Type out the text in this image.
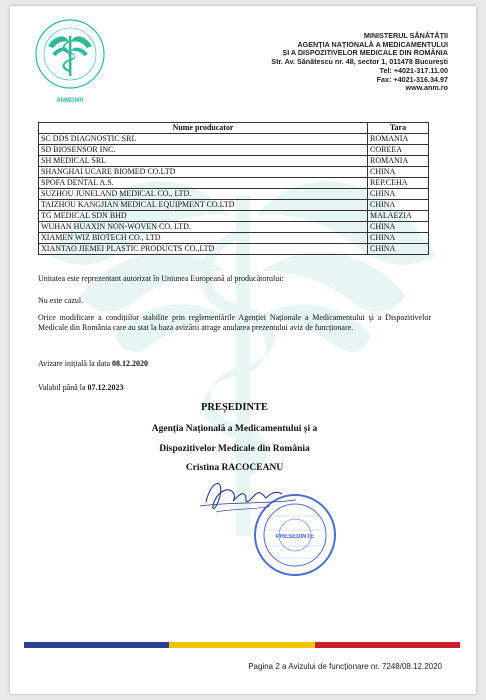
ANMDMR
MINISTERUL SĂNĂTĂȚII
AGENȚIA NAȚIONALĂ A MEDICAMENTULUI
ȘI A DISPOZITIVELOR MEDICALE DIN ROMÂNIA
Str. Av. Sănătescu nr. 48, sector 1, 011478 București
Tel: +4021-317.11.00
Fax: +4021-316.34.97
www.anm.ro
Nume producator	Tara
SC DDS DIAGNOSTIC SRL	ROMANIA
SD BIOSENSOR INC.	COREEA
SH MEDICAL SRL	ROMANIA
SHANGHAI UCARE BIOMED CO.LTD	CHINA
SPOFA DENTAL A.S.	REP.CEHA
SUZHOU JUNELAND MEDICAL CO., LTD.	CHINA
TAIZHOU KANGJIAN MEDICAL EQUIPMENT CO.LTD	CHINA
TG MEDICAL SDN BHD	MALAEZIA
WUHAN HUAXIN NON-WOVEN CO. LTD.	CHINA
XIAMEN WIZ BIOTECH CO., LTD	CHINA
XIANTAO JIEMEI PLASTIC PRODUCTS CO.,LTD	CHINA
Unitatea este reprezentant autorizat în Uniunea Europeană al producătorului:
Nu este cazul.
Orice modificare a condițiilor stabilite prin reglementările Agenției Naționale a Medicamentului și a Dispozitivelor Medicale din România care au stat la baza avizării atrage anularea prezentului aviz de funcționare.
Avizare inițială la data 08.12.2020
Valabil până la 07.12.2023
PREȘEDINTE
Agenția Națională a Medicamentului și a
Dispozitivelor Medicale din România
Cristina RACOCEANU
PREȘEDINTE
Pagina 2 a Avizului de funcționare nr. 7248/08.12.2020
